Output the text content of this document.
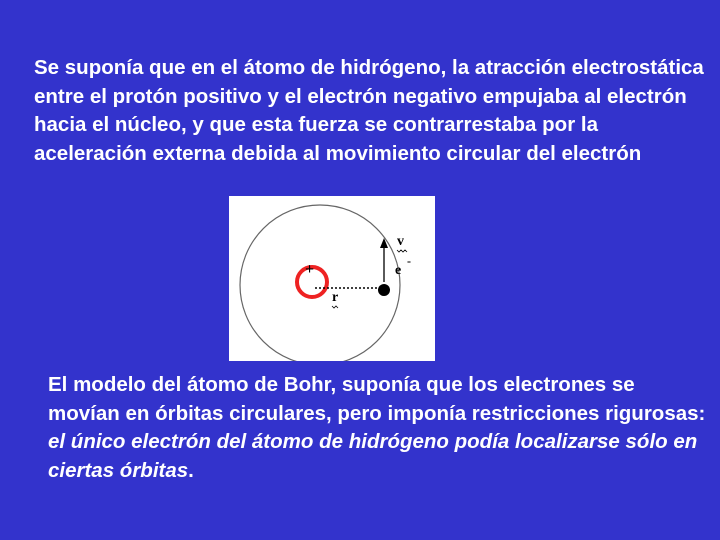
Se suponía que en el átomo de hidrógeno, la atracción electrostática entre el protón positivo y el electrón negativo empujaba al electrón hacia el núcleo, y que esta fuerza se contrarrestaba por la aceleración externa debida al movimiento circular del electrón

+	e
-
v
r

El modelo del átomo de Bohr, suponía que los electrones se movían en órbitas circulares, pero imponía restricciones rigurosas: el único electrón del átomo de hidrógeno podía localizarse sólo en ciertas órbitas.
